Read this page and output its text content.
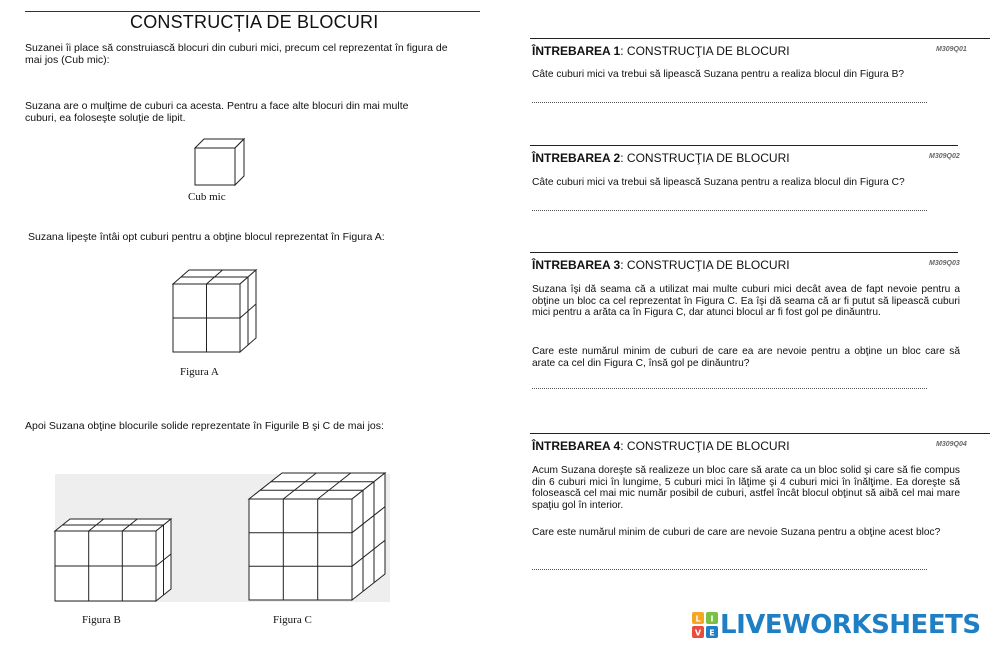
CONSTRUCȚIA DE BLOCURI
Suzanei îi place să construiască blocuri din cuburi mici, precum cel reprezentat în figura de mai jos (Cub mic):
Suzana are o mulţime de cuburi ca acesta. Pentru a face alte blocuri din mai multe cuburi, ea foloseşte soluţie de lipit.
Cub mic
Suzana lipeşte întâi opt cuburi pentru a obţine blocul reprezentat în Figura A:
Figura A
Apoi Suzana obţine blocurile solide reprezentate în Figurile B şi C de mai jos:
Figura B	Figura C
ÎNTREBAREA 1: CONSTRUCŢIA DE BLOCURI	M309Q01
Câte cuburi mici va trebui să lipească Suzana pentru a realiza blocul din Figura B?
ÎNTREBAREA 2: CONSTRUCŢIA DE BLOCURI	M309Q02
Câte cuburi mici va trebui să lipească Suzana pentru a realiza blocul din Figura C?
ÎNTREBAREA 3: CONSTRUCŢIA DE BLOCURI	M309Q03
Suzana îşi dă seama că a utilizat mai multe cuburi mici decât avea de fapt nevoie pentru a obţine un bloc ca cel reprezentat în Figura C. Ea îşi dă seama că ar fi putut să lipească cuburi mici pentru a arăta ca în Figura C, dar atunci blocul ar fi fost gol pe dinăuntru.
Care este numărul minim de cuburi de care ea are nevoie pentru a obţine un bloc care să arate ca cel din Figura C, însă gol pe dinăuntru?
ÎNTREBAREA 4: CONSTRUCŢIA DE BLOCURI	M309Q04
Acum Suzana doreşte să realizeze un bloc care să arate ca un bloc solid şi care să fie compus din 6 cuburi mici în lungime, 5 cuburi mici în lăţime şi 4 cuburi mici în înălţime. Ea doreşte să folosească cel mai mic număr posibil de cuburi, astfel încât blocul obţinut să aibă cel mai mare spaţiu gol în interior.
Care este numărul minim de cuburi de care are nevoie Suzana pentru a obţine acest bloc?
L I
V E LIVEWORKSHEETS
